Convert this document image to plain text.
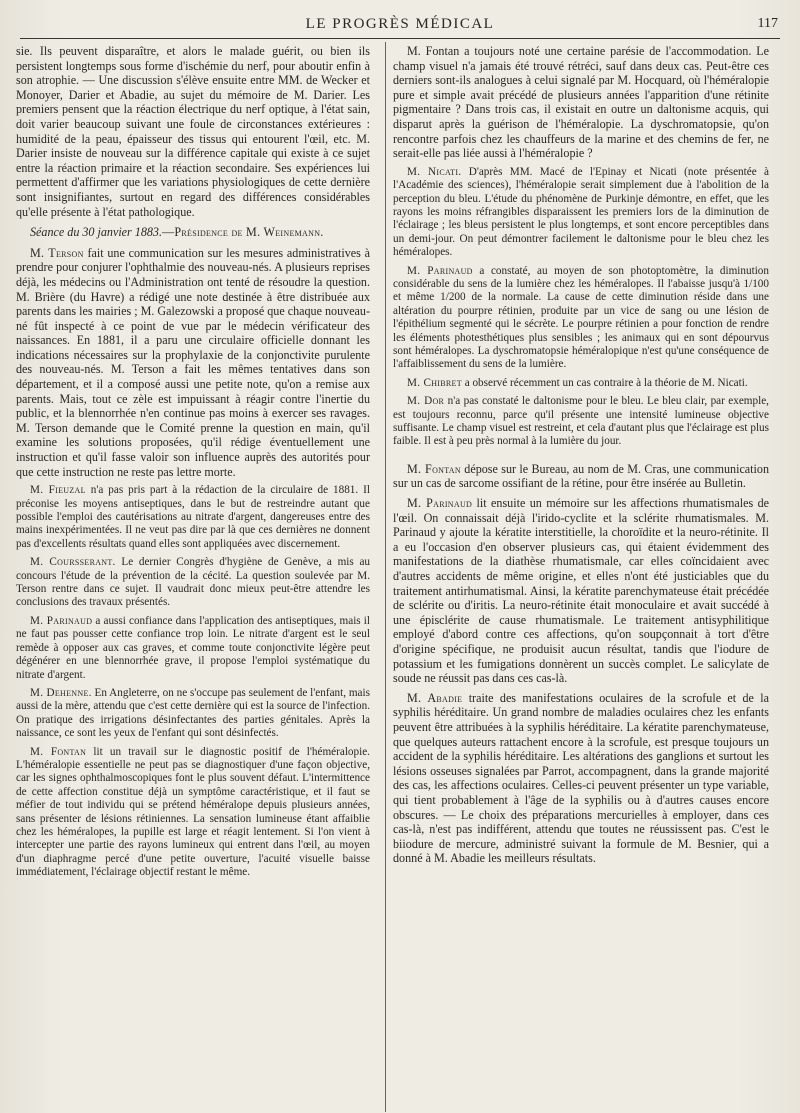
LE PROGRÈS MÉDICAL	117

sie. Ils peuvent disparaître, et alors le malade guérit, ou bien ils persistent longtemps sous forme d'ischémie du nerf, pour aboutir enfin à son atrophie. — Une discussion s'élève ensuite entre MM. de Wecker et Monoyer, Darier et Abadie, au sujet du mémoire de M. Darier. Les premiers pensent que la réaction électrique du nerf optique, à l'état sain, doit varier beaucoup suivant une foule de circonstances extérieures : humidité de la peau, épaisseur des tissus qui entourent l'œil, etc. M. Darier insiste de nouveau sur la différence capitale qui existe à ce sujet entre la réaction primaire et la réaction secondaire. Ses expériences lui permettent d'affirmer que les variations physiologiques de cette dernière sont insignifiantes, surtout en regard des différences considérables qu'elle présente à l'état pathologique.

Séance du 30 janvier 1883.—Présidence de M. Weinemann.

M. Terson fait une communication sur les mesures administratives à prendre pour conjurer l'ophthalmie des nouveau-nés. A plusieurs reprises déjà, les médecins ou l'Administration ont tenté de résoudre la question. M. Brière (du Havre) a rédigé une note destinée à être distribuée aux parents dans les mairies ; M. Galezowski a proposé que chaque nouveau-né fût inspecté à ce point de vue par le médecin vérificateur des naissances. En 1881, il a paru une circulaire officielle donnant les indications nécessaires sur la prophylaxie de la conjonctivite purulente des nouveau-nés. M. Terson a fait les mêmes tentatives dans son département, et il a composé aussi une petite note, qu'on a remise aux parents. Mais, tout ce zèle est impuissant à réagir contre l'inertie du public, et la blennorrhée n'en continue pas moins à exercer ses ravages. M. Terson demande que le Comité prenne la question en main, qu'il examine les solutions proposées, qu'il rédige éventuellement une instruction et qu'il fasse valoir son influence auprès des autorités pour que cette instruction ne reste pas lettre morte.

M. Fieuzal n'a pas pris part à la rédaction de la circulaire de 1881. Il préconise les moyens antiseptiques, dans le but de restreindre autant que possible l'emploi des cautérisations au nitrate d'argent, dangereuses entre des mains inexpérimentées. Il ne veut pas dire par là que ces dernières ne donnent pas d'excellents résultats quand elles sont appliquées avec discernement.

M. Coursserant. Le dernier Congrès d'hygiène de Genève, a mis au concours l'étude de la prévention de la cécité. La question soulevée par M. Terson rentre dans ce sujet. Il vaudrait donc mieux peut-être attendre les conclusions des travaux présentés.

M. Parinaud a aussi confiance dans l'application des antiseptiques, mais il ne faut pas pousser cette confiance trop loin. Le nitrate d'argent est le seul remède à opposer aux cas graves, et comme toute conjonctivite légère peut dégénérer en une blennorrhée grave, il propose l'emploi systématique du nitrate d'argent.

M. Dehenne. En Angleterre, on ne s'occupe pas seulement de l'enfant, mais aussi de la mère, attendu que c'est cette dernière qui est la source de l'infection. On pratique des irrigations désinfectantes des parties génitales. Après la naissance, ce sont les yeux de l'enfant qui sont désinfectés.

M. Fontan lit un travail sur le diagnostic positif de l'héméralopie. L'héméralopie essentielle ne peut pas se diagnostiquer d'une façon objective, car les signes ophthalmoscopiques font le plus souvent défaut. L'intermittence de cette affection constitue déjà un symptôme caractéristique, et il faut se méfier de tout individu qui se prétend héméralope depuis plusieurs années, sans présenter de lésions rétiniennes. La sensation lumineuse étant affaiblie chez les héméralopes, la pupille est large et réagit lentement. Si l'on vient à intercepter une partie des rayons lumineux qui entrent dans l'œil, au moyen d'un diaphragme percé d'une petite ouverture, l'acuité visuelle baisse immédiatement, l'éclairage objectif restant le même.

M. Fontan a toujours noté une certaine parésie de l'accommodation. Le champ visuel n'a jamais été trouvé rétréci, sauf dans deux cas. Peut-être ces derniers sont-ils analogues à celui signalé par M. Hocquard, où l'héméralopie pure et simple avait précédé de plusieurs années l'apparition d'une rétinite pigmentaire ? Dans trois cas, il existait en outre un daltonisme acquis, qui disparut après la guérison de l'héméralopie. La dyschromatopsie, qu'on rencontre parfois chez les chauffeurs de la marine et des chemins de fer, ne serait-elle pas liée aussi à l'héméralopie ?

M. Nicati. D'après MM. Macé de l'Epinay et Nicati (note présentée à l'Académie des sciences), l'héméralopie serait simplement due à l'abolition de la perception du bleu. L'étude du phénomène de Purkinje démontre, en effet, que les rayons les moins réfrangibles disparaissent les premiers lors de la diminution de l'éclairage ; les bleus persistent le plus longtemps, et sont encore perceptibles dans un demi-jour. On peut démontrer facilement le daltonisme pour le bleu chez les héméralopes.

M. Parinaud a constaté, au moyen de son photoptomètre, la diminution considérable du sens de la lumière chez les héméralopes. Il l'abaisse jusqu'à 1/100 et même 1/200 de la normale. La cause de cette diminution réside dans une altération du pourpre rétinien, produite par un vice de sang ou une lésion de l'épithélium segmenté qui le sécrète. Le pourpre rétinien a pour fonction de rendre les éléments photesthétiques plus sensibles ; les animaux qui en sont dépourvus sont héméralopes. La dyschromatopsie héméralopique n'est qu'une conséquence de l'affaiblissement du sens de la lumière.

M. Chibret a observé récemment un cas contraire à la théorie de M. Nicati.

M. Dor n'a pas constaté le daltonisme pour le bleu. Le bleu clair, par exemple, est toujours reconnu, parce qu'il présente une intensité lumineuse objective suffisante. Le champ visuel est restreint, et cela d'autant plus que l'éclairage est plus faible. Il est à peu près normal à la lumière du jour.

M. Fontan dépose sur le Bureau, au nom de M. Cras, une communication sur un cas de sarcome ossifiant de la rétine, pour être insérée au Bulletin.

M. Parinaud lit ensuite un mémoire sur les affections rhumatismales de l'œil. On connaissait déjà l'irido-cyclite et la sclérite rhumatismales. M. Parinaud y ajoute la kératite interstitielle, la choroïdite et la neuro-rétinite. Il a eu l'occasion d'en observer plusieurs cas, qui étaient évidemment des manifestations de la diathèse rhumatismale, car elles coïncidaient avec d'autres accidents de même origine, et elles n'ont été justiciables que du traitement antirhumatismal. Ainsi, la kératite parenchymateuse était précédée de sclérite ou d'iritis. La neuro-rétinite était monoculaire et avait succédé à une épisclérite de cause rhumatismale. Le traitement antisyphilitique employé d'abord contre ces affections, qu'on soupçonnait à tort d'être d'origine spécifique, ne produisit aucun résultat, tandis que l'iodure de potassium et les fumigations donnèrent un succès complet. Le salicylate de soude ne réussit pas dans ces cas-là.

M. Abadie traite des manifestations oculaires de la scrofule et de la syphilis héréditaire. Un grand nombre de maladies oculaires chez les enfants peuvent être attribuées à la syphilis héréditaire. La kératite parenchymateuse, que quelques auteurs rattachent encore à la scrofule, est presque toujours un accident de la syphilis héréditaire. Les altérations des ganglions et surtout les lésions osseuses signalées par Parrot, accompagnent, dans la grande majorité des cas, les affections oculaires. Celles-ci peuvent présenter un type variable, qui tient probablement à l'âge de la syphilis ou à d'autres causes encore obscures. — Le choix des préparations mercurielles à employer, dans ces cas-là, n'est pas indifférent, attendu que toutes ne réussissent pas. C'est le biiodure de mercure, administré suivant la formule de M. Besnier, qui a donné à M. Abadie les meilleurs résultats.
